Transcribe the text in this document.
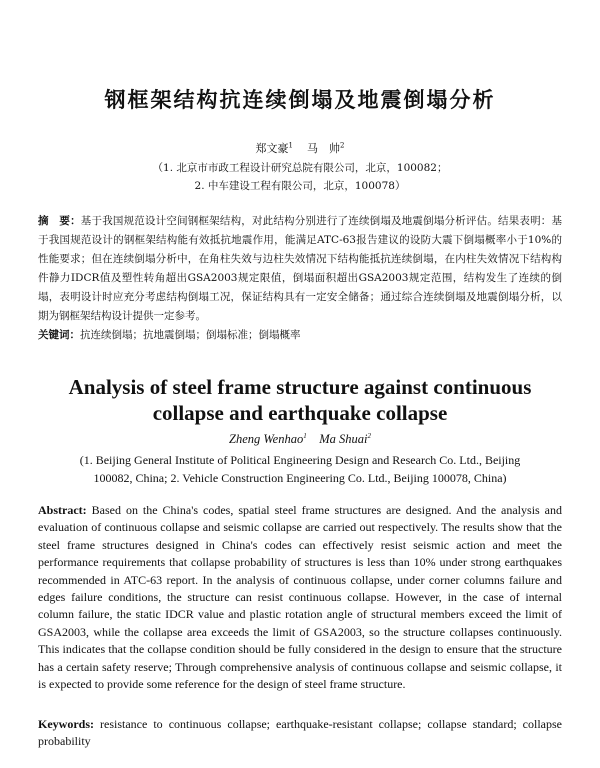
钢框架结构抗连续倒塌及地震倒塌分析
郑文豪$^1$ 马　帅$^2$
（1. 北京市市政工程设计研究总院有限公司，北京，100082；
2. 中车建设工程有限公司，北京，100078）
摘　要：基于我国规范设计空间钢框架结构，对此结构分别进行了连续倒塌及地震倒塌分析评估。结果表明：基于我国规范设计的钢框架结构能有效抵抗地震作用，能满足ATC-63报告建议的设防大震下倒塌概率小于10%的性能要求；但在连续倒塌分析中，在角柱失效与边柱失效情况下结构能抵抗连续倒塌，在内柱失效情况下结构构件静力IDCR值及塑性转角超出GSA2003规定限值，倒塌面积超出GSA2003规定范围，结构发生了连续的倒塌，表明设计时应充分考虑结构倒塌工况，保证结构具有一定安全储备；通过综合连续倒塌及地震倒塌分析，以期为钢框架结构设计提供一定参考。
关键词：抗连续倒塌；抗地震倒塌；倒塌标准；倒塌概率
Analysis of steel frame structure against continuous
collapse and earthquake collapse
Zheng Wenhao$^1$ Ma Shuai$^2$
(1. Beijing General Institute of Political Engineering Design and Research Co. Ltd., Beijing 100082, China; 2. Vehicle Construction Engineering Co. Ltd., Beijing 100078, China)
Abstract: Based on the China's codes, spatial steel frame structures are designed. And the analysis and evaluation of continuous collapse and seismic collapse are carried out respectively. The results show that the steel frame structures designed in China's codes can effectively resist seismic action and meet the performance requirements that collapse probability of structures is less than 10% under strong earthquakes recommended in ATC-63 report. In the analysis of continuous collapse, under corner columns failure and edges failure conditions, the structure can resist continuous collapse. However, in the case of internal column failure, the static IDCR value and plastic rotation angle of structural members exceed the limit of GSA2003, while the collapse area exceeds the limit of GSA2003, so the structure collapses continuously. This indicates that the collapse condition should be fully considered in the design to ensure that the structure has a certain safety reserve; Through comprehensive analysis of continuous collapse and seismic collapse, it is expected to provide some reference for the design of steel frame structure.
Keywords: resistance to continuous collapse; earthquake-resistant collapse; collapse standard; collapse probability
